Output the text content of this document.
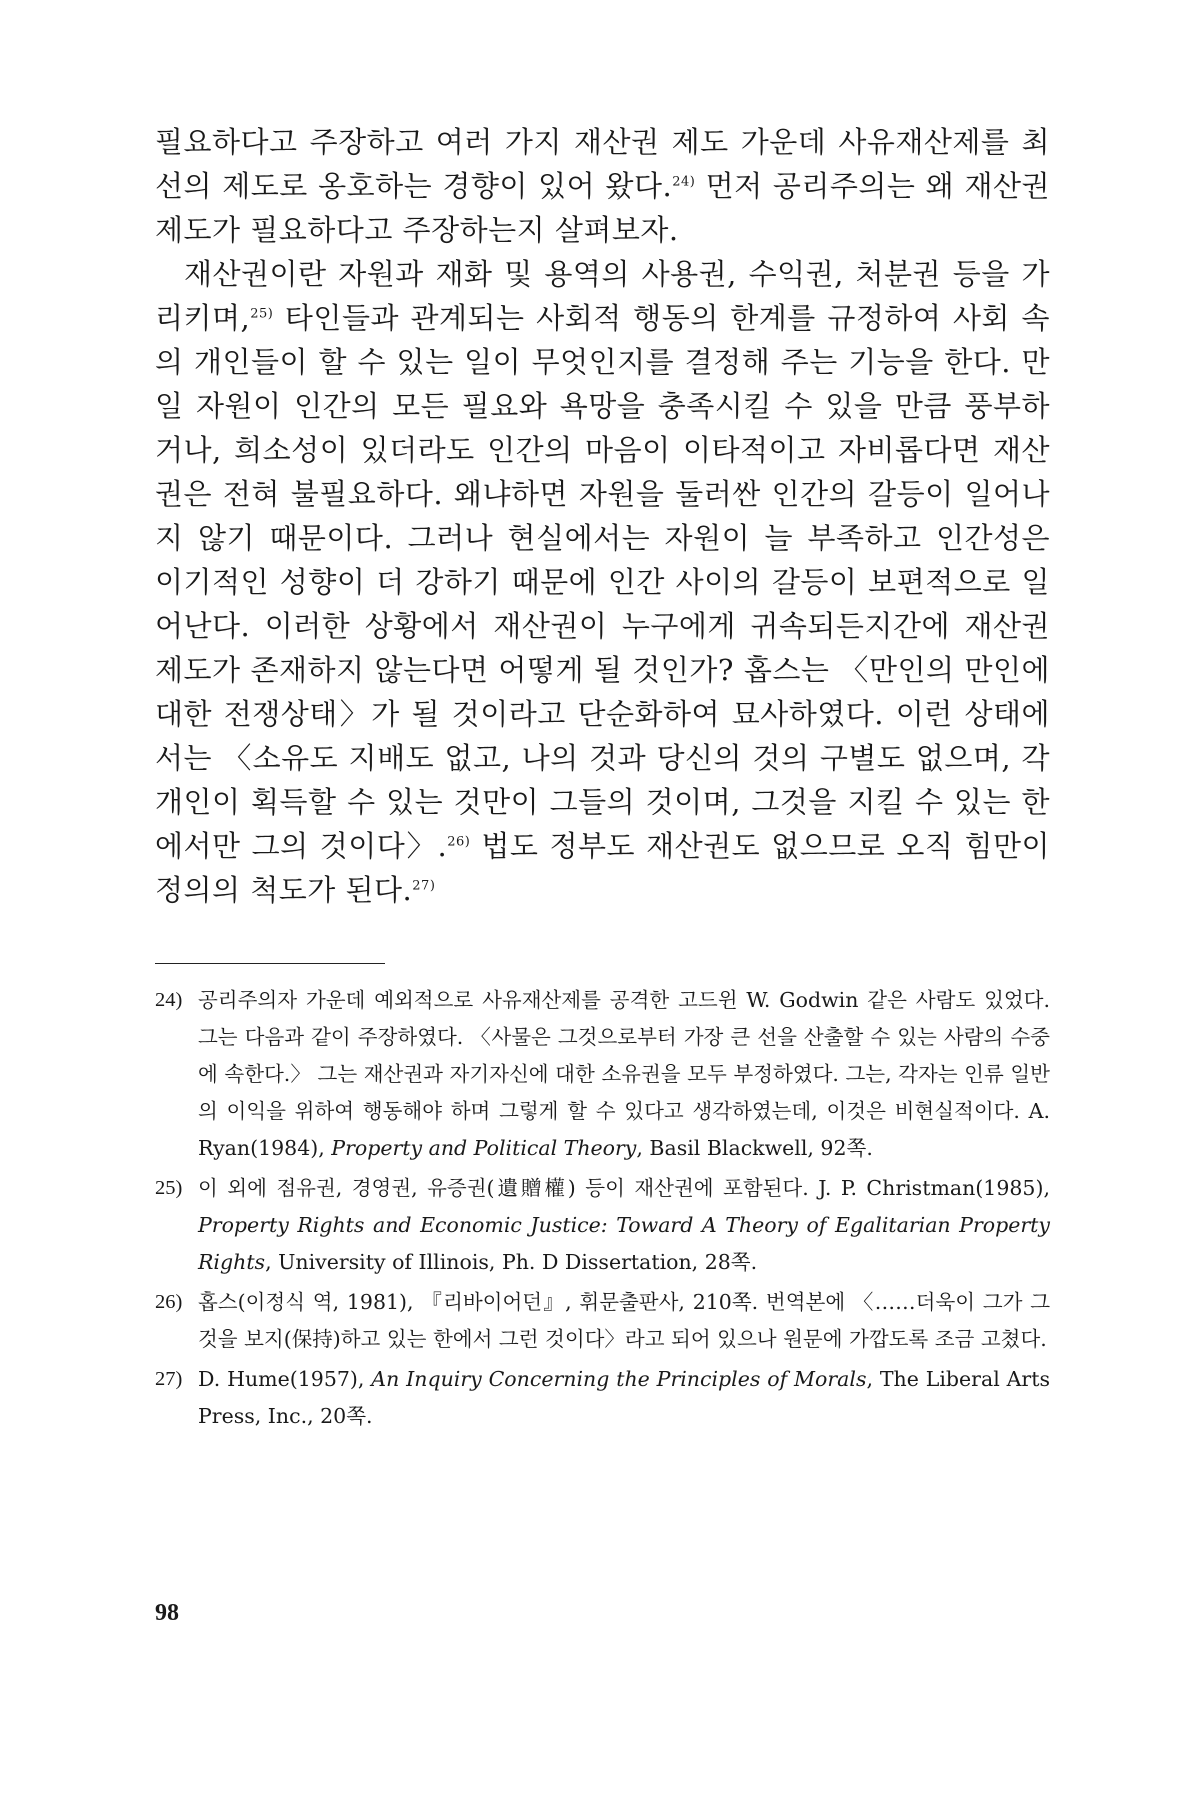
필요하다고 주장하고 여러 가지 재산권 제도 가운데 사유재산제를 최선의 제도로 옹호하는 경향이 있어 왔다.$^{24)}$ 먼저 공리주의는 왜 재산권 제도가 필요하다고 주장하는지 살펴보자.

재산권이란 자원과 재화 및 용역의 사용권, 수익권, 처분권 등을 가리키며,$^{25)}$ 타인들과 관계되는 사회적 행동의 한계를 규정하여 사회 속의 개인들이 할 수 있는 일이 무엇인지를 결정해 주는 기능을 한다. 만일 자원이 인간의 모든 필요와 욕망을 충족시킬 수 있을 만큼 풍부하거나, 희소성이 있더라도 인간의 마음이 이타적이고 자비롭다면 재산권은 전혀 불필요하다. 왜냐하면 자원을 둘러싼 인간의 갈등이 일어나지 않기 때문이다. 그러나 현실에서는 자원이 늘 부족하고 인간성은 이기적인 성향이 더 강하기 때문에 인간 사이의 갈등이 보편적으로 일어난다. 이러한 상황에서 재산권이 누구에게 귀속되든지간에 재산권 제도가 존재하지 않는다면 어떻게 될 것인가? 홉스는 〈만인의 만인에 대한 전쟁상태〉가 될 것이라고 단순화하여 묘사하였다. 이런 상태에서는 〈소유도 지배도 없고, 나의 것과 당신의 것의 구별도 없으며, 각 개인이 획득할 수 있는 것만이 그들의 것이며, 그것을 지킬 수 있는 한에서만 그의 것이다〉.$^{26)}$ 법도 정부도 재산권도 없으므로 오직 힘만이 정의의 척도가 된다.$^{27)}$

24) 공리주의자 가운데 예외적으로 사유재산제를 공격한 고드윈 W. Godwin 같은 사람도 있었다. 그는 다음과 같이 주장하였다. 〈사물은 그것으로부터 가장 큰 선을 산출할 수 있는 사람의 수중에 속한다.〉 그는 재산권과 자기자신에 대한 소유권을 모두 부정하였다. 그는, 각자는 인류 일반의 이익을 위하여 행동해야 하며 그렇게 할 수 있다고 생각하였는데, 이것은 비현실적이다. A. Ryan(1984), Property and Political Theory, Basil Blackwell, 92쪽.
25) 이 외에 점유권, 경영권, 유증권(遺贈權) 등이 재산권에 포함된다. J. P. Christman(1985), Property Rights and Economic Justice: Toward A Theory of Egalitarian Property Rights, University of Illinois, Ph. D Dissertation, 28쪽.
26) 홉스(이정식 역, 1981), 『리바이어던』, 휘문출판사, 210쪽. 번역본에 〈……더욱이 그가 그것을 보지(保持)하고 있는 한에서 그런 것이다〉라고 되어 있으나 원문에 가깝도록 조금 고쳤다.
27) D. Hume(1957), An Inquiry Concerning the Principles of Morals, The Liberal Arts Press, Inc., 20쪽.
98
